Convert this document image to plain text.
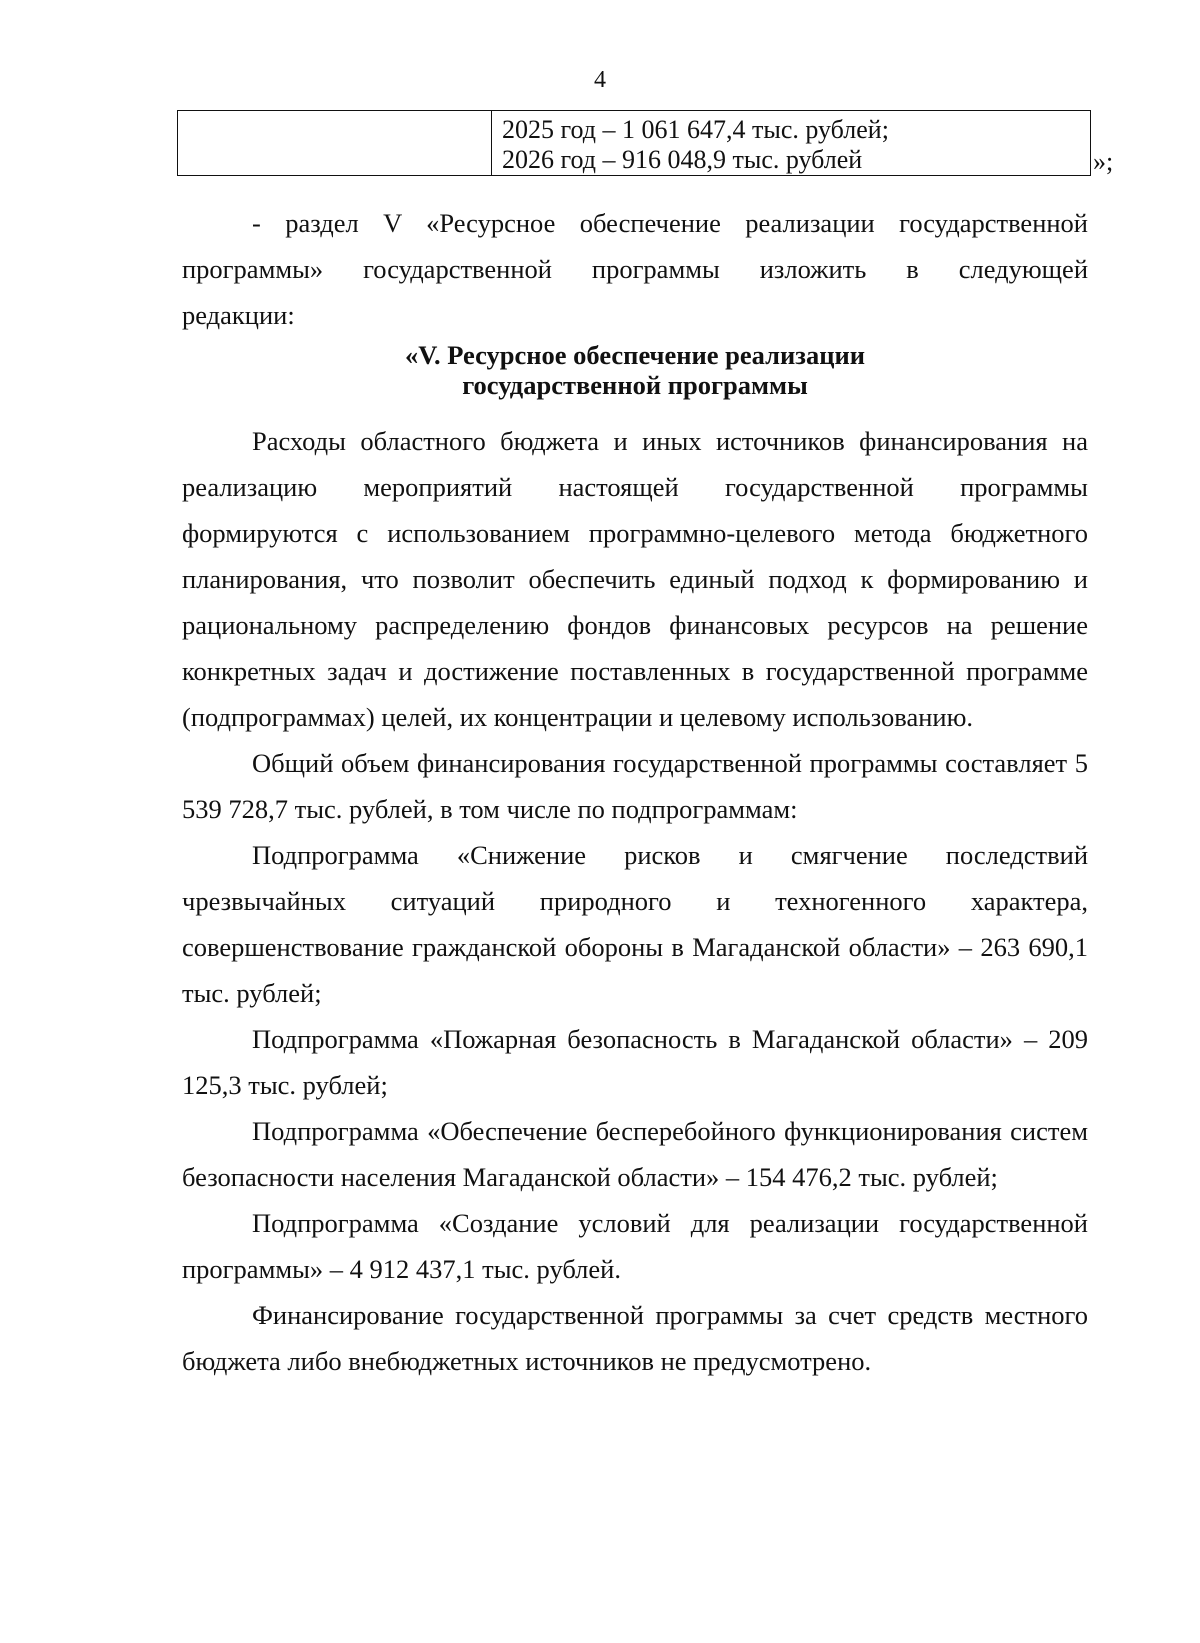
4
2025 год – 1 061 647,4 тыс. рублей;
2026 год – 916 048,9 тыс. рублей	»;

- раздел V «Ресурсное обеспечение реализации государственной

программы» государственной программы изложить в следующей

редакции:

«V. Ресурсное обеспечение реализации
государственной программы

Расходы областного бюджета и иных источников финансирования на реализацию мероприятий настоящей государственной программы формируются с использованием программно-целевого метода бюджетного планирования, что позволит обеспечить единый подход к формированию и рациональному распределению фондов финансовых ресурсов на решение конкретных задач и достижение поставленных в государственной программе (подпрограммах) целей, их концентрации и целевому использованию.

Общий объем финансирования государственной программы составляет 5 539 728,7 тыс. рублей, в том числе по подпрограммам:

Подпрограмма «Снижение рисков и смягчение последствий чрезвычайных ситуаций природного и техногенного характера, совершенствование гражданской обороны в Магаданской области» – 263 690,1 тыс. рублей;

Подпрограмма «Пожарная безопасность в Магаданской области» – 209 125,3 тыс. рублей;

Подпрограмма «Обеспечение бесперебойного функционирования систем безопасности населения Магаданской области» – 154 476,2 тыс. рублей;

Подпрограмма «Создание условий для реализации государственной программы» – 4 912 437,1 тыс. рублей.

Финансирование государственной программы за счет средств местного бюджета либо внебюджетных источников не предусмотрено.
